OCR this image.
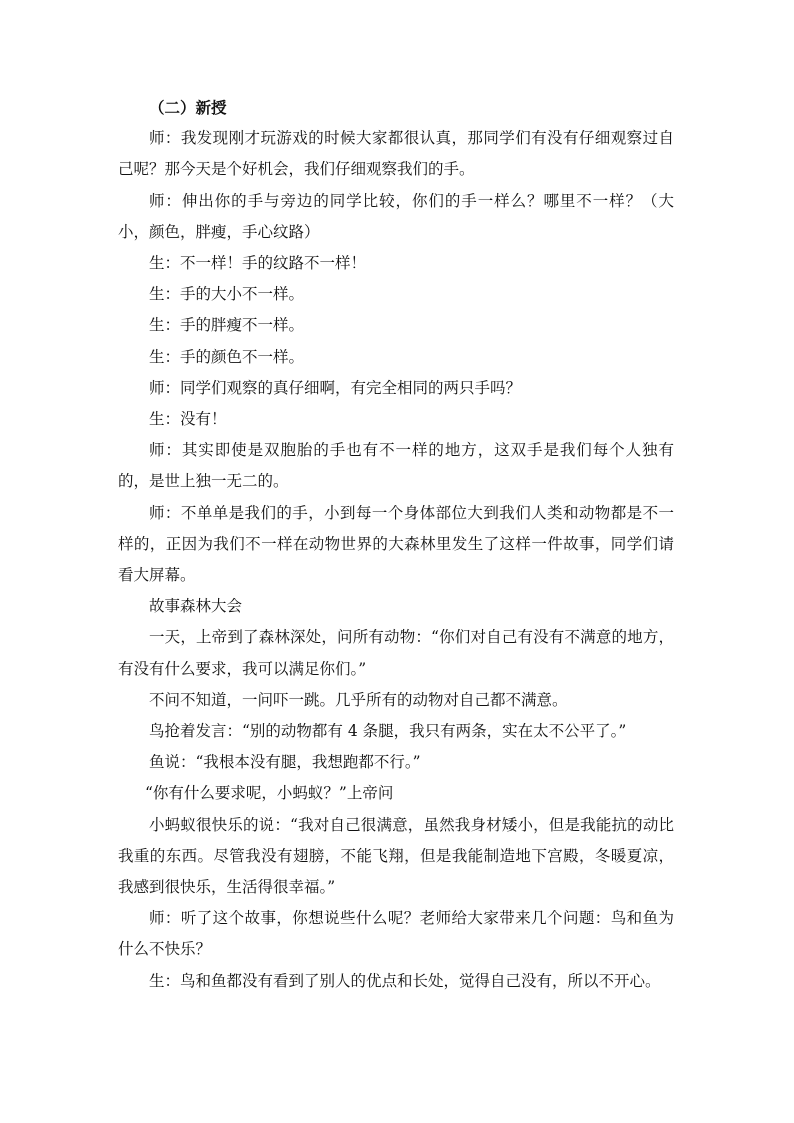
（二）新授

师：我发现刚才玩游戏的时候大家都很认真，那同学们有没有仔细观察过自己呢？那今天是个好机会，我们仔细观察我们的手。

师：伸出你的手与旁边的同学比较，你们的手一样么？哪里不一样？（大小，颜色，胖瘦，手心纹路）

生：不一样！手的纹路不一样！

生：手的大小不一样。

生：手的胖瘦不一样。

生：手的颜色不一样。

师：同学们观察的真仔细啊，有完全相同的两只手吗？

生：没有！

师：其实即使是双胞胎的手也有不一样的地方，这双手是我们每个人独有的，是世上独一无二的。

师：不单单是我们的手，小到每一个身体部位大到我们人类和动物都是不一样的，正因为我们不一样在动物世界的大森林里发生了这样一件故事，同学们请看大屏幕。

故事森林大会

一天，上帝到了森林深处，问所有动物：“你们对自己有没有不满意的地方，有没有什么要求，我可以满足你们。”

不问不知道，一问吓一跳。几乎所有的动物对自己都不满意。

鸟抢着发言：“别的动物都有 4 条腿，我只有两条，实在太不公平了。”

鱼说：“我根本没有腿，我想跑都不行。”

“你有什么要求呢，小蚂蚁？”上帝问

小蚂蚁很快乐的说：“我对自己很满意，虽然我身材矮小，但是我能抗的动比我重的东西。尽管我没有翅膀，不能飞翔，但是我能制造地下宫殿，冬暖夏凉，我感到很快乐，生活得很幸福。”

师：听了这个故事，你想说些什么呢？老师给大家带来几个问题：鸟和鱼为什么不快乐？

生：鸟和鱼都没有看到了别人的优点和长处，觉得自己没有，所以不开心。
